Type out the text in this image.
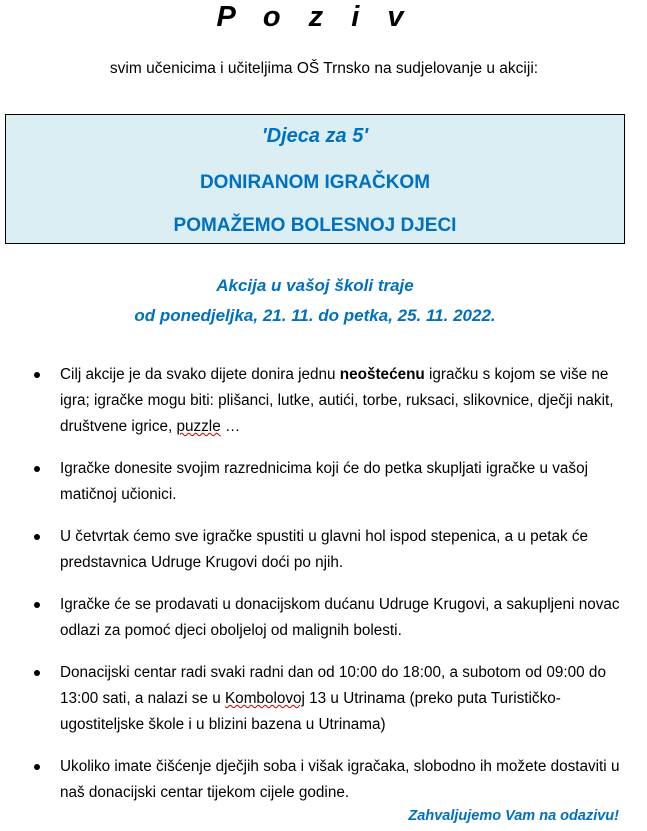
P o z i v

svim učenicima i učiteljima OŠ Trnsko na sudjelovanje u akciji:

'Djeca za 5'
DONIRANOM IGRAČKOM
POMAŽEMO BOLESNOJ DJECI

Akcija u vašoj školi traje

od ponedjeljka, 21. 11. do petka, 25. 11. 2022.

Cilj akcije je da svako dijete donira jednu neoštećenu igračku s kojom se više ne igra; igračke mogu biti: plišanci, lutke, autići, torbe, ruksaci, slikovnice, dječji nakit, društvene igrice, puzzle …
Igračke donesite svojim razrednicima koji će do petka skupljati igračke u vašoj matičnoj učionici.
U četvrtak ćemo sve igračke spustiti u glavni hol ispod stepenica, a u petak će predstavnica Udruge Krugovi doći po njih.
Igračke će se prodavati u donacijskom dućanu Udruge Krugovi, a sakupljeni novac odlazi za pomoć djeci oboljeloj od malignih bolesti.
Donacijski centar radi svaki radni dan od 10:00 do 18:00, a subotom od 09:00 do 13:00 sati, a nalazi se u Kombolovoj 13 u Utrinama (preko puta Turističko-ugostiteljske škole i u blizini bazena u Utrinama)
Ukoliko imate čišćenje dječjih soba i višak igračaka, slobodno ih možete dostaviti u naš donacijski centar tijekom cijele godine.

Zahvaljujemo Vam na odazivu!
